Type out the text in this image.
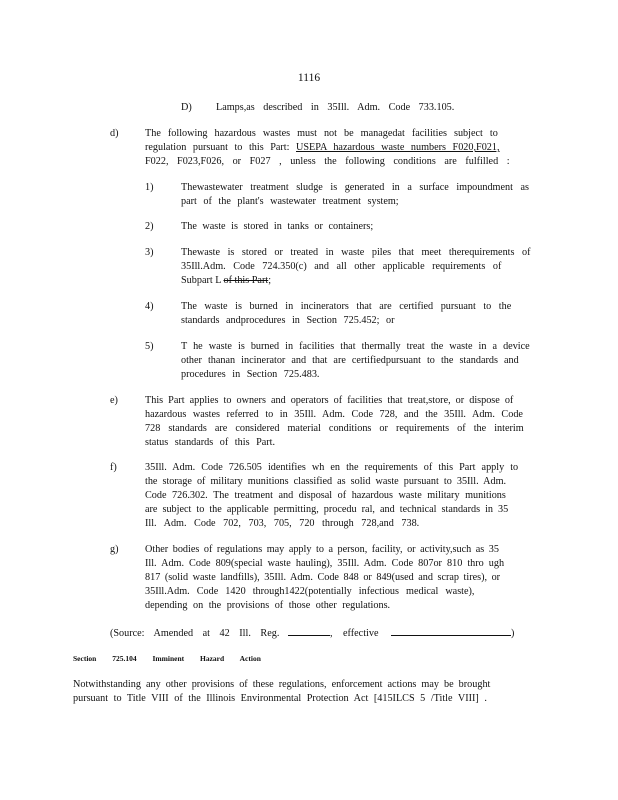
1116
D) Lamps,as described in 35Ill. Adm. Code 733.105.
d)	The following hazardous wastes must not be managedat facilities subject to
regulation pursuant to this Part: USEPA hazardous waste numbers F020,F021,
F022, F023,F026, or F027 , unless the following conditions are fulfilled :
1)	Thewastewater treatment sludge is generated in a surface impoundment as
part of the plant's wastewater treatment system;
2)	The waste is stored in tanks or containers;
3)	Thewaste is stored or treated in waste piles that meet therequirements of
35Ill.Adm. Code 724.350(c) and all other applicable requirements of
Subpart L of this Part;
4)	The waste is burned in incinerators that are certified pursuant to the
standards andprocedures in Section 725.452; or
5)	T he waste is burned in facilities that thermally treat the waste in a device
other thanan incinerator and that are certifiedpursuant to the standards and
procedures in Section 725.483.
e)	This Part applies to owners and operators of facilities that treat,store, or dispose of
hazardous wastes referred to in 35Ill. Adm. Code 728, and the 35Ill. Adm. Code
728 standards are considered material conditions or requirements of the interim
status standards of this Part.
f)	35Ill. Adm. Code 726.505 identifies wh en the requirements of this Part apply to
the storage of military munitions classified as solid waste pursuant to 35Ill. Adm.
Code 726.302. The treatment and disposal of hazardous waste military munitions
are subject to the applicable permitting, procedu ral, and technical standards in 35
Ill. Adm. Code 702, 703, 705, 720 through 728,and 738.
g)	Other bodies of regulations may apply to a person, facility, or activity,such as 35
Ill. Adm. Code 809(special waste hauling), 35Ill. Adm. Code 807or 810 thro ugh
817 (solid waste landfills), 35Ill. Adm. Code 848 or 849(used and scrap tires), or
35Ill.Adm. Code 1420 through1422(potentially infectious medical waste),
depending on the provisions of those other regulations.
(Source: Amended at 42 Ill. Reg.	, effective	)
Section 725.104 Imminent Hazard Action
Notwithstanding any other provisions of these regulations, enforcement actions may be brought
pursuant to Title VIII of the Illinois Environmental Protection Act [415ILCS 5 /Title VIII] .
